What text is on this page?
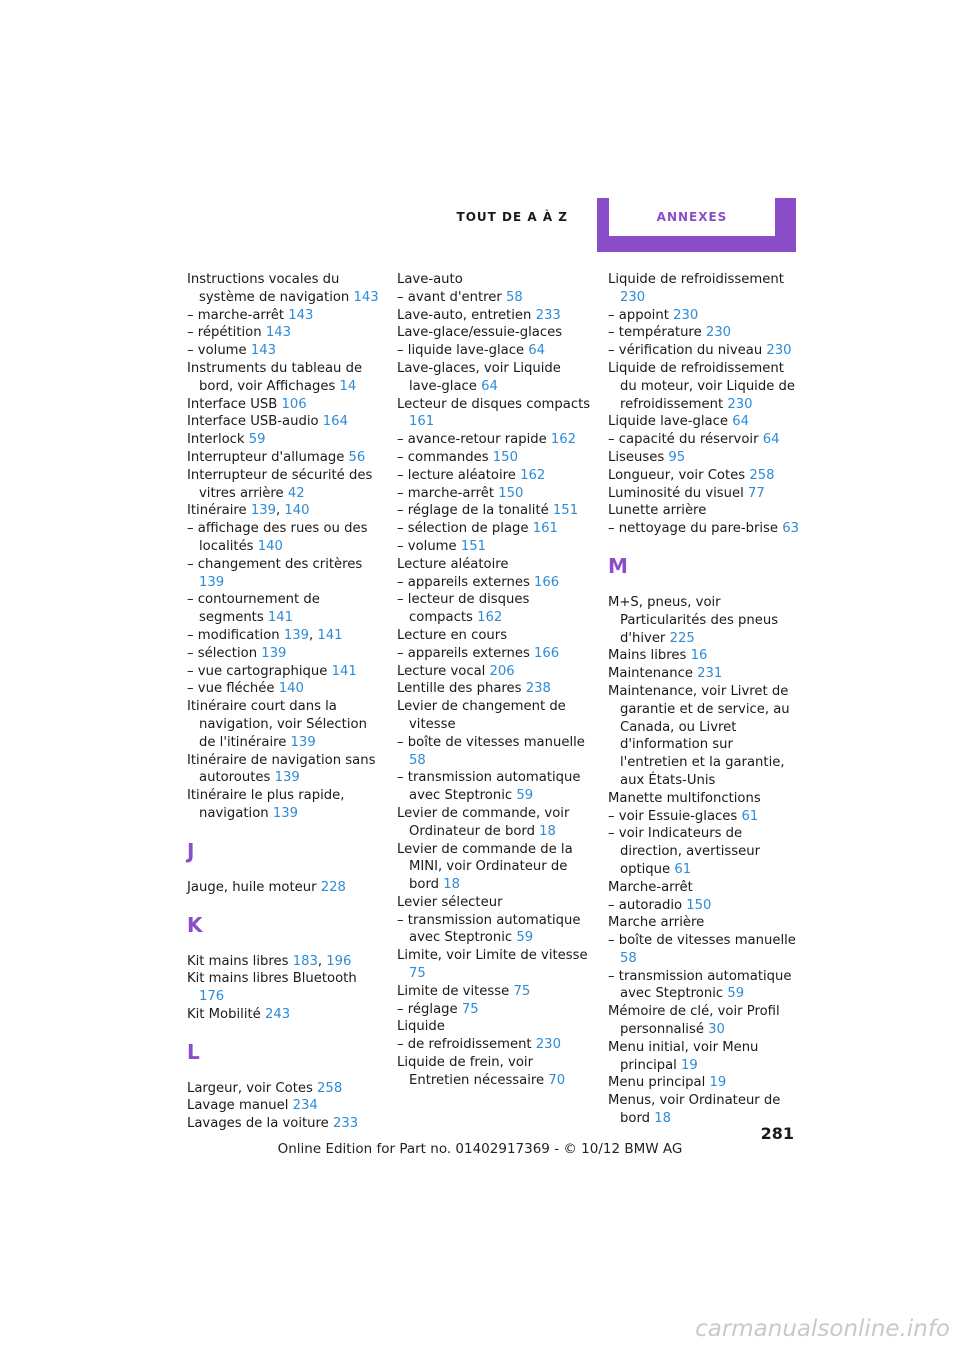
TOUT DE A À Z	ANNEXES
Instructions vocales du système de navigation 143
– marche-arrêt 143
– répétition 143
– volume 143
Instruments du tableau de bord, voir Affichages 14
Interface USB 106
Interface USB-audio 164
Interlock 59
Interrupteur d'allumage 56
Interrupteur de sécurité des vitres arrière 42
Itinéraire 139, 140
– affichage des rues ou des localités 140
– changement des critères 139
– contournement de segments 141
– modification 139, 141
– sélection 139
– vue cartographique 141
– vue fléchée 140
Itinéraire court dans la navigation, voir Sélection de l'itinéraire 139
Itinéraire de navigation sans autoroutes 139
Itinéraire le plus rapide, navigation 139
J
Jauge, huile moteur 228
K
Kit mains libres 183, 196
Kit mains libres Bluetooth 176
Kit Mobilité 243
L
Largeur, voir Cotes 258
Lavage manuel 234
Lavages de la voiture 233
Lave-auto
– avant d'entrer 58
Lave-auto, entretien 233
Lave-glace/essuie-glaces
– liquide lave-glace 64
Lave-glaces, voir Liquide lave-glace 64
Lecteur de disques compacts 161
– avance-retour rapide 162
– commandes 150
– lecture aléatoire 162
– marche-arrêt 150
– réglage de la tonalité 151
– sélection de plage 161
– volume 151
Lecture aléatoire
– appareils externes 166
– lecteur de disques compacts 162
Lecture en cours
– appareils externes 166
Lecture vocal 206
Lentille des phares 238
Levier de changement de vitesse
– boîte de vitesses manuelle 58
– transmission automatique avec Steptronic 59
Levier de commande, voir Ordinateur de bord 18
Levier de commande de la MINI, voir Ordinateur de bord 18
Levier sélecteur
– transmission automatique avec Steptronic 59
Limite, voir Limite de vitesse 75
Limite de vitesse 75
– réglage 75
Liquide
– de refroidissement 230
Liquide de frein, voir Entretien nécessaire 70
Liquide de refroidissement 230
– appoint 230
– température 230
– vérification du niveau 230
Liquide de refroidissement du moteur, voir Liquide de refroidissement 230
Liquide lave-glace 64
– capacité du réservoir 64
Liseuses 95
Longueur, voir Cotes 258
Luminosité du visuel 77
Lunette arrière
– nettoyage du pare-brise 63
M
M+S, pneus, voir Particularités des pneus d'hiver 225
Mains libres 16
Maintenance 231
Maintenance, voir Livret de garantie et de service, au Canada, ou Livret d'information sur l'entretien et la garantie, aux États-Unis
Manette multifonctions
– voir Essuie-glaces 61
– voir Indicateurs de direction, avertisseur optique 61
Marche-arrêt
– autoradio 150
Marche arrière
– boîte de vitesses manuelle 58
– transmission automatique avec Steptronic 59
Mémoire de clé, voir Profil personnalisé 30
Menu initial, voir Menu principal 19
Menu principal 19
Menus, voir Ordinateur de bord 18
281
Online Edition for Part no. 01402917369 - © 10/12 BMW AG
carmanualsonline.info
